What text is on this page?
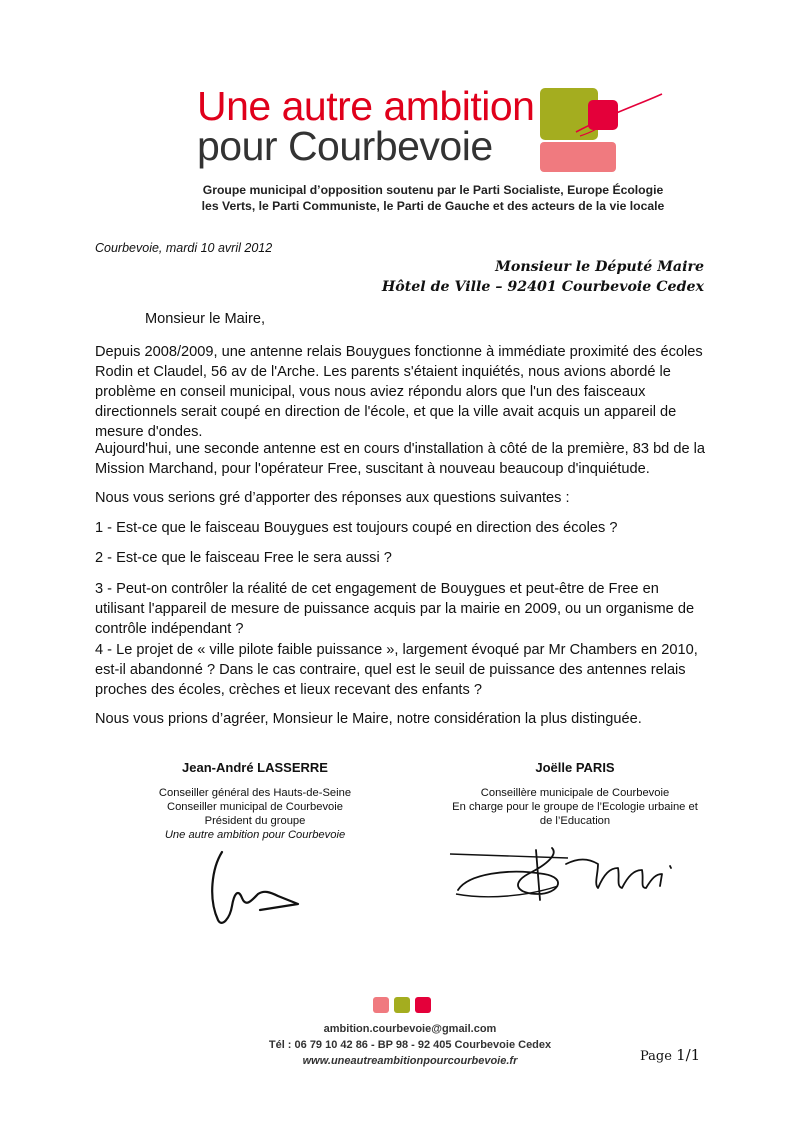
Une autre ambition
pour Courbevoie
Groupe municipal d’opposition soutenu par le Parti Socialiste, Europe Écologie
les Verts, le Parti Communiste, le Parti de Gauche et des acteurs de la vie locale
Courbevoie, mardi 10 avril 2012
Monsieur le Député Maire
Hôtel de Ville – 92401 Courbevoie Cedex
Monsieur le Maire,

Depuis 2008/2009, une antenne relais Bouygues fonctionne à immédiate proximité des écoles Rodin et Claudel, 56 av de l'Arche. Les parents s'étaient inquiétés, nous avions abordé le problème en conseil municipal, vous nous aviez répondu alors que l'un des faisceaux directionnels serait coupé en direction de l'école, et que la ville avait acquis un appareil de mesure d'ondes.

Aujourd'hui, une seconde antenne est en cours d'installation à côté de la première, 83 bd de la Mission Marchand, pour l'opérateur Free, suscitant à nouveau beaucoup d'inquiétude.

Nous vous serions gré d’apporter des réponses aux questions suivantes :

1 - Est-ce que le faisceau Bouygues est toujours coupé en direction des écoles ?

2 - Est-ce que le faisceau Free le sera aussi ?

3 - Peut-on contrôler la réalité de cet engagement de Bouygues et peut-être de Free en utilisant l'appareil de mesure de puissance acquis par la mairie en 2009, ou un organisme de contrôle indépendant ?

4 - Le projet de « ville pilote faible puissance », largement évoqué par Mr Chambers en 2010, est-il abandonné ? Dans le cas contraire, quel est le seuil de puissance des antennes relais proches des écoles, crèches et lieux recevant des enfants ?

Nous vous prions d’agréer, Monsieur le Maire, notre considération la plus distinguée.

Jean-André LASSERRE
Conseiller général des Hauts-de-Seine
Conseiller municipal de Courbevoie
Président du groupe
Une autre ambition pour Courbevoie
Joëlle PARIS
Conseillère municipale de Courbevoie
En charge pour le groupe de l’Ecologie urbaine et
de l’Education
ambition.courbevoie@gmail.com
Tél : 06 79 10 42 86 - BP 98 - 92 405 Courbevoie Cedex
www.uneautreambitionpourcourbevoie.fr	Page 1/1
